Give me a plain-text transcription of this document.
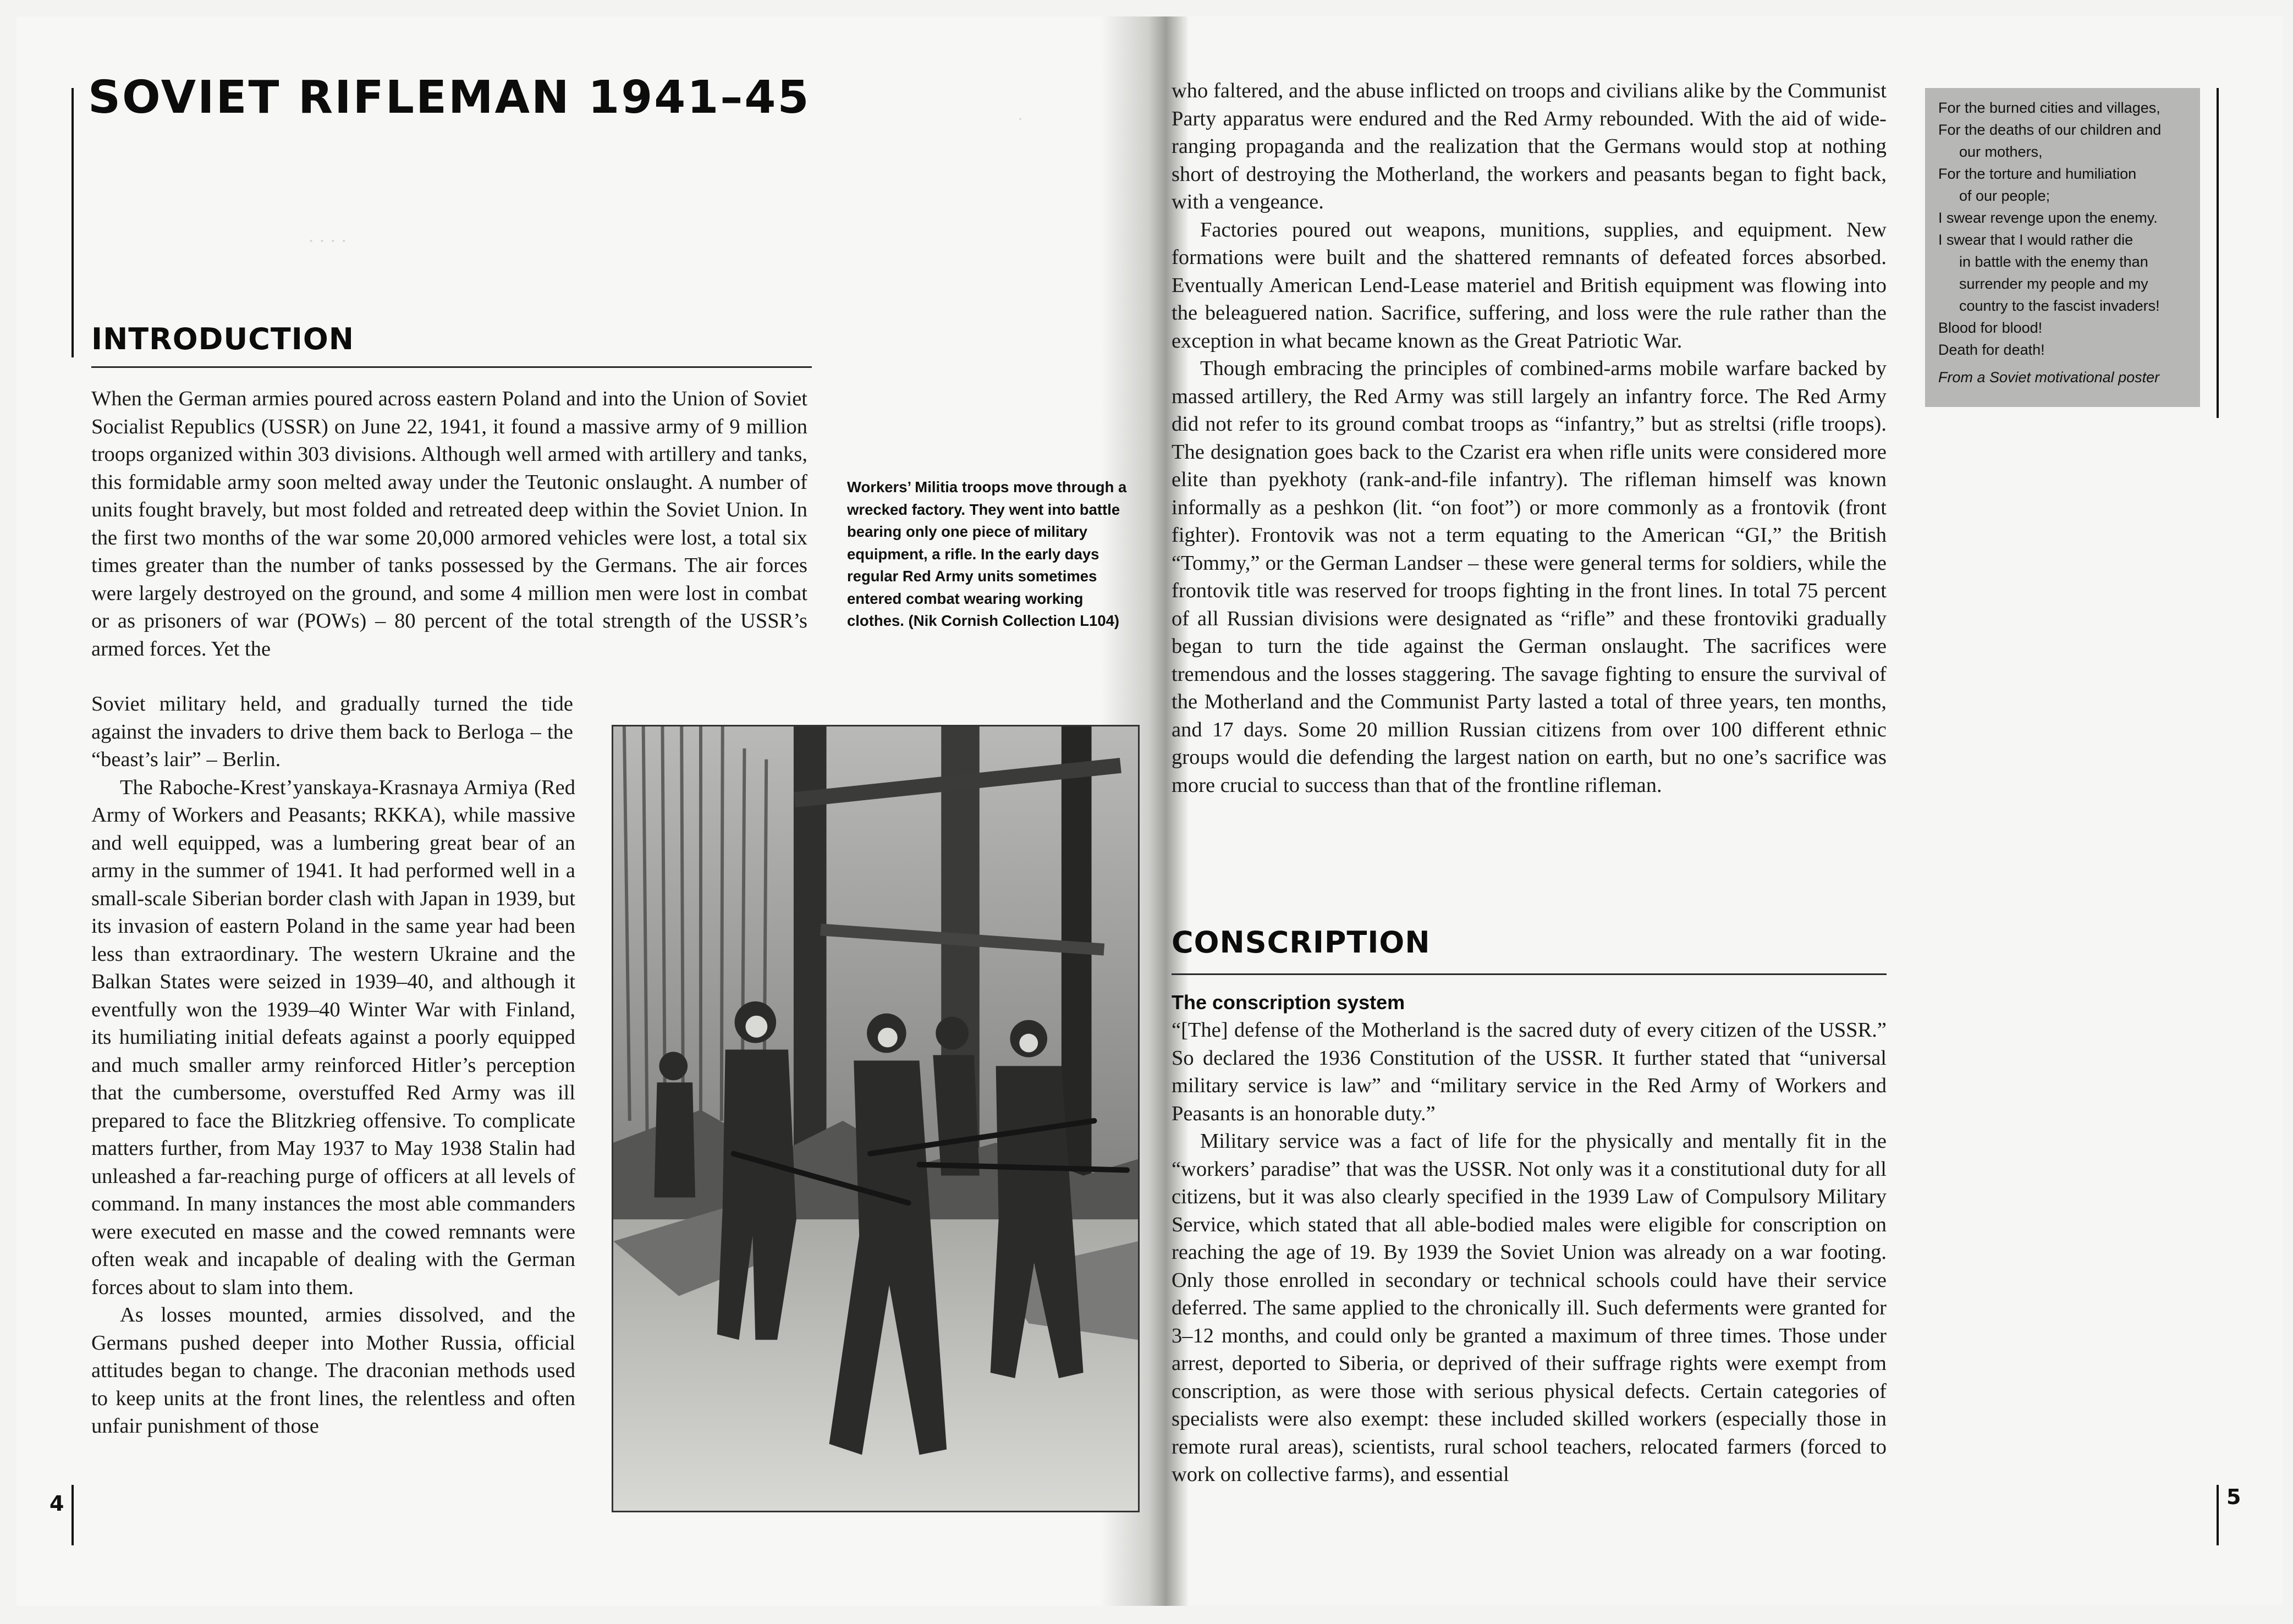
SOVIET RIFLEMAN 1941–45
· · · ·
INTRODUCTION

When the German armies poured across eastern Poland and into the Union of Soviet Socialist Republics (USSR) on June 22, 1941, it found a massive army of 9 million troops organized within 303 divisions. Although well armed with artillery and tanks, this formidable army soon melted away under the Teutonic onslaught. A number of units fought bravely, but most folded and retreated deep within the Soviet Union. In the first two months of the war some 20,000 armored vehicles were lost, a total six times greater than the number of tanks possessed by the Germans. The air forces were largely destroyed on the ground, and some 4 million men were lost in combat or as prisoners of war (POWs) – 80 percent of the total strength of the USSR’s armed forces. Yet the

Soviet military held, and gradually turned the tide against the invaders to drive them back to Berloga – the “beast’s lair” – Berlin.

The Raboche-Krest’yanskaya-Krasnaya Armiya (Red Army of Workers and Peasants; RKKA), while massive and well equipped, was a lumbering great bear of an army in the summer of 1941. It had performed well in a small-scale Siberian border clash with Japan in 1939, but its invasion of eastern Poland in the same year had been less than extraordinary. The western Ukraine and the Balkan States were seized in 1939–40, and although it eventfully won the 1939–40 Winter War with Finland, its humiliating initial defeats against a poorly equipped and much smaller army reinforced Hitler’s perception that the cumbersome, overstuffed Red Army was ill prepared to face the Blitzkrieg offensive. To complicate matters further, from May 1937 to May 1938 Stalin had unleashed a far-reaching purge of officers at all levels of command. In many instances the most able commanders were executed en masse and the cowed remnants were often weak and incapable of dealing with the German forces about to slam into them.

As losses mounted, armies dissolved, and the Germans pushed deeper into Mother Russia, official attitudes began to change. The draconian methods used to keep units at the front lines, the relentless and often unfair punishment of those

Workers’ Militia troops move through a wrecked factory. They went into battle bearing only one piece of military equipment, a rifle. In the early days regular Red Army units sometimes entered combat wearing working clothes. (Nik Cornish Collection L104)

4
·

who faltered, and the abuse inflicted on troops and civilians alike by the Communist Party apparatus were endured and the Red Army rebounded. With the aid of wide-ranging propaganda and the realization that the Germans would stop at nothing short of destroying the Motherland, the workers and peasants began to fight back, with a vengeance.

Factories poured out weapons, munitions, supplies, and equipment. New formations were built and the shattered remnants of defeated forces absorbed. Eventually American Lend-Lease materiel and British equipment was flowing into the beleaguered nation. Sacrifice, suffering, and loss were the rule rather than the exception in what became known as the Great Patriotic War.

Though embracing the principles of combined-arms mobile warfare backed by massed artillery, the Red Army was still largely an infantry force. The Red Army did not refer to its ground combat troops as “infantry,” but as streltsi (rifle troops). The designation goes back to the Czarist era when rifle units were considered more elite than pyekhoty (rank-and-file infantry). The rifleman himself was known informally as a peshkon (lit. “on foot”) or more commonly as a frontovik (front fighter). Frontovik was not a term equating to the American “GI,” the British “Tommy,” or the German Landser – these were general terms for soldiers, while the frontovik title was reserved for troops fighting in the front lines. In total 75 percent of all Russian divisions were designated as “rifle” and these frontoviki gradually began to turn the tide against the German onslaught. The sacrifices were tremendous and the losses staggering. The savage fighting to ensure the survival of the Motherland and the Communist Party lasted a total of three years, ten months, and 17 days. Some 20 million Russian citizens from over 100 different ethnic groups would die defending the largest nation on earth, but no one’s sacrifice was more crucial to success than that of the frontline rifleman.

For the burned cities and villages,
For the deaths of our children and
our mothers,
For the torture and humiliation
of our people;
I swear revenge upon the enemy.
I swear that I would rather die
in battle with the enemy than
surrender my people and my
country to the fascist invaders!
Blood for blood!
Death for death!
From a Soviet motivational poster
CONSCRIPTION
The conscription system

“[The] defense of the Motherland is the sacred duty of every citizen of the USSR.” So declared the 1936 Constitution of the USSR. It further stated that “universal military service is law” and “military service in the Red Army of Workers and Peasants is an honorable duty.”

Military service was a fact of life for the physically and mentally fit in the “workers’ paradise” that was the USSR. Not only was it a constitutional duty for all citizens, but it was also clearly specified in the 1939 Law of Compulsory Military Service, which stated that all able-bodied males were eligible for conscription on reaching the age of 19. By 1939 the Soviet Union was already on a war footing. Only those enrolled in secondary or technical schools could have their service deferred. The same applied to the chronically ill. Such deferments were granted for 3–12 months, and could only be granted a maximum of three times. Those under arrest, deported to Siberia, or deprived of their suffrage rights were exempt from conscription, as were those with serious physical defects. Certain categories of specialists were also exempt: these included skilled workers (especially those in remote rural areas), scientists, rural school teachers, relocated farmers (forced to work on collective farms), and essential

5
